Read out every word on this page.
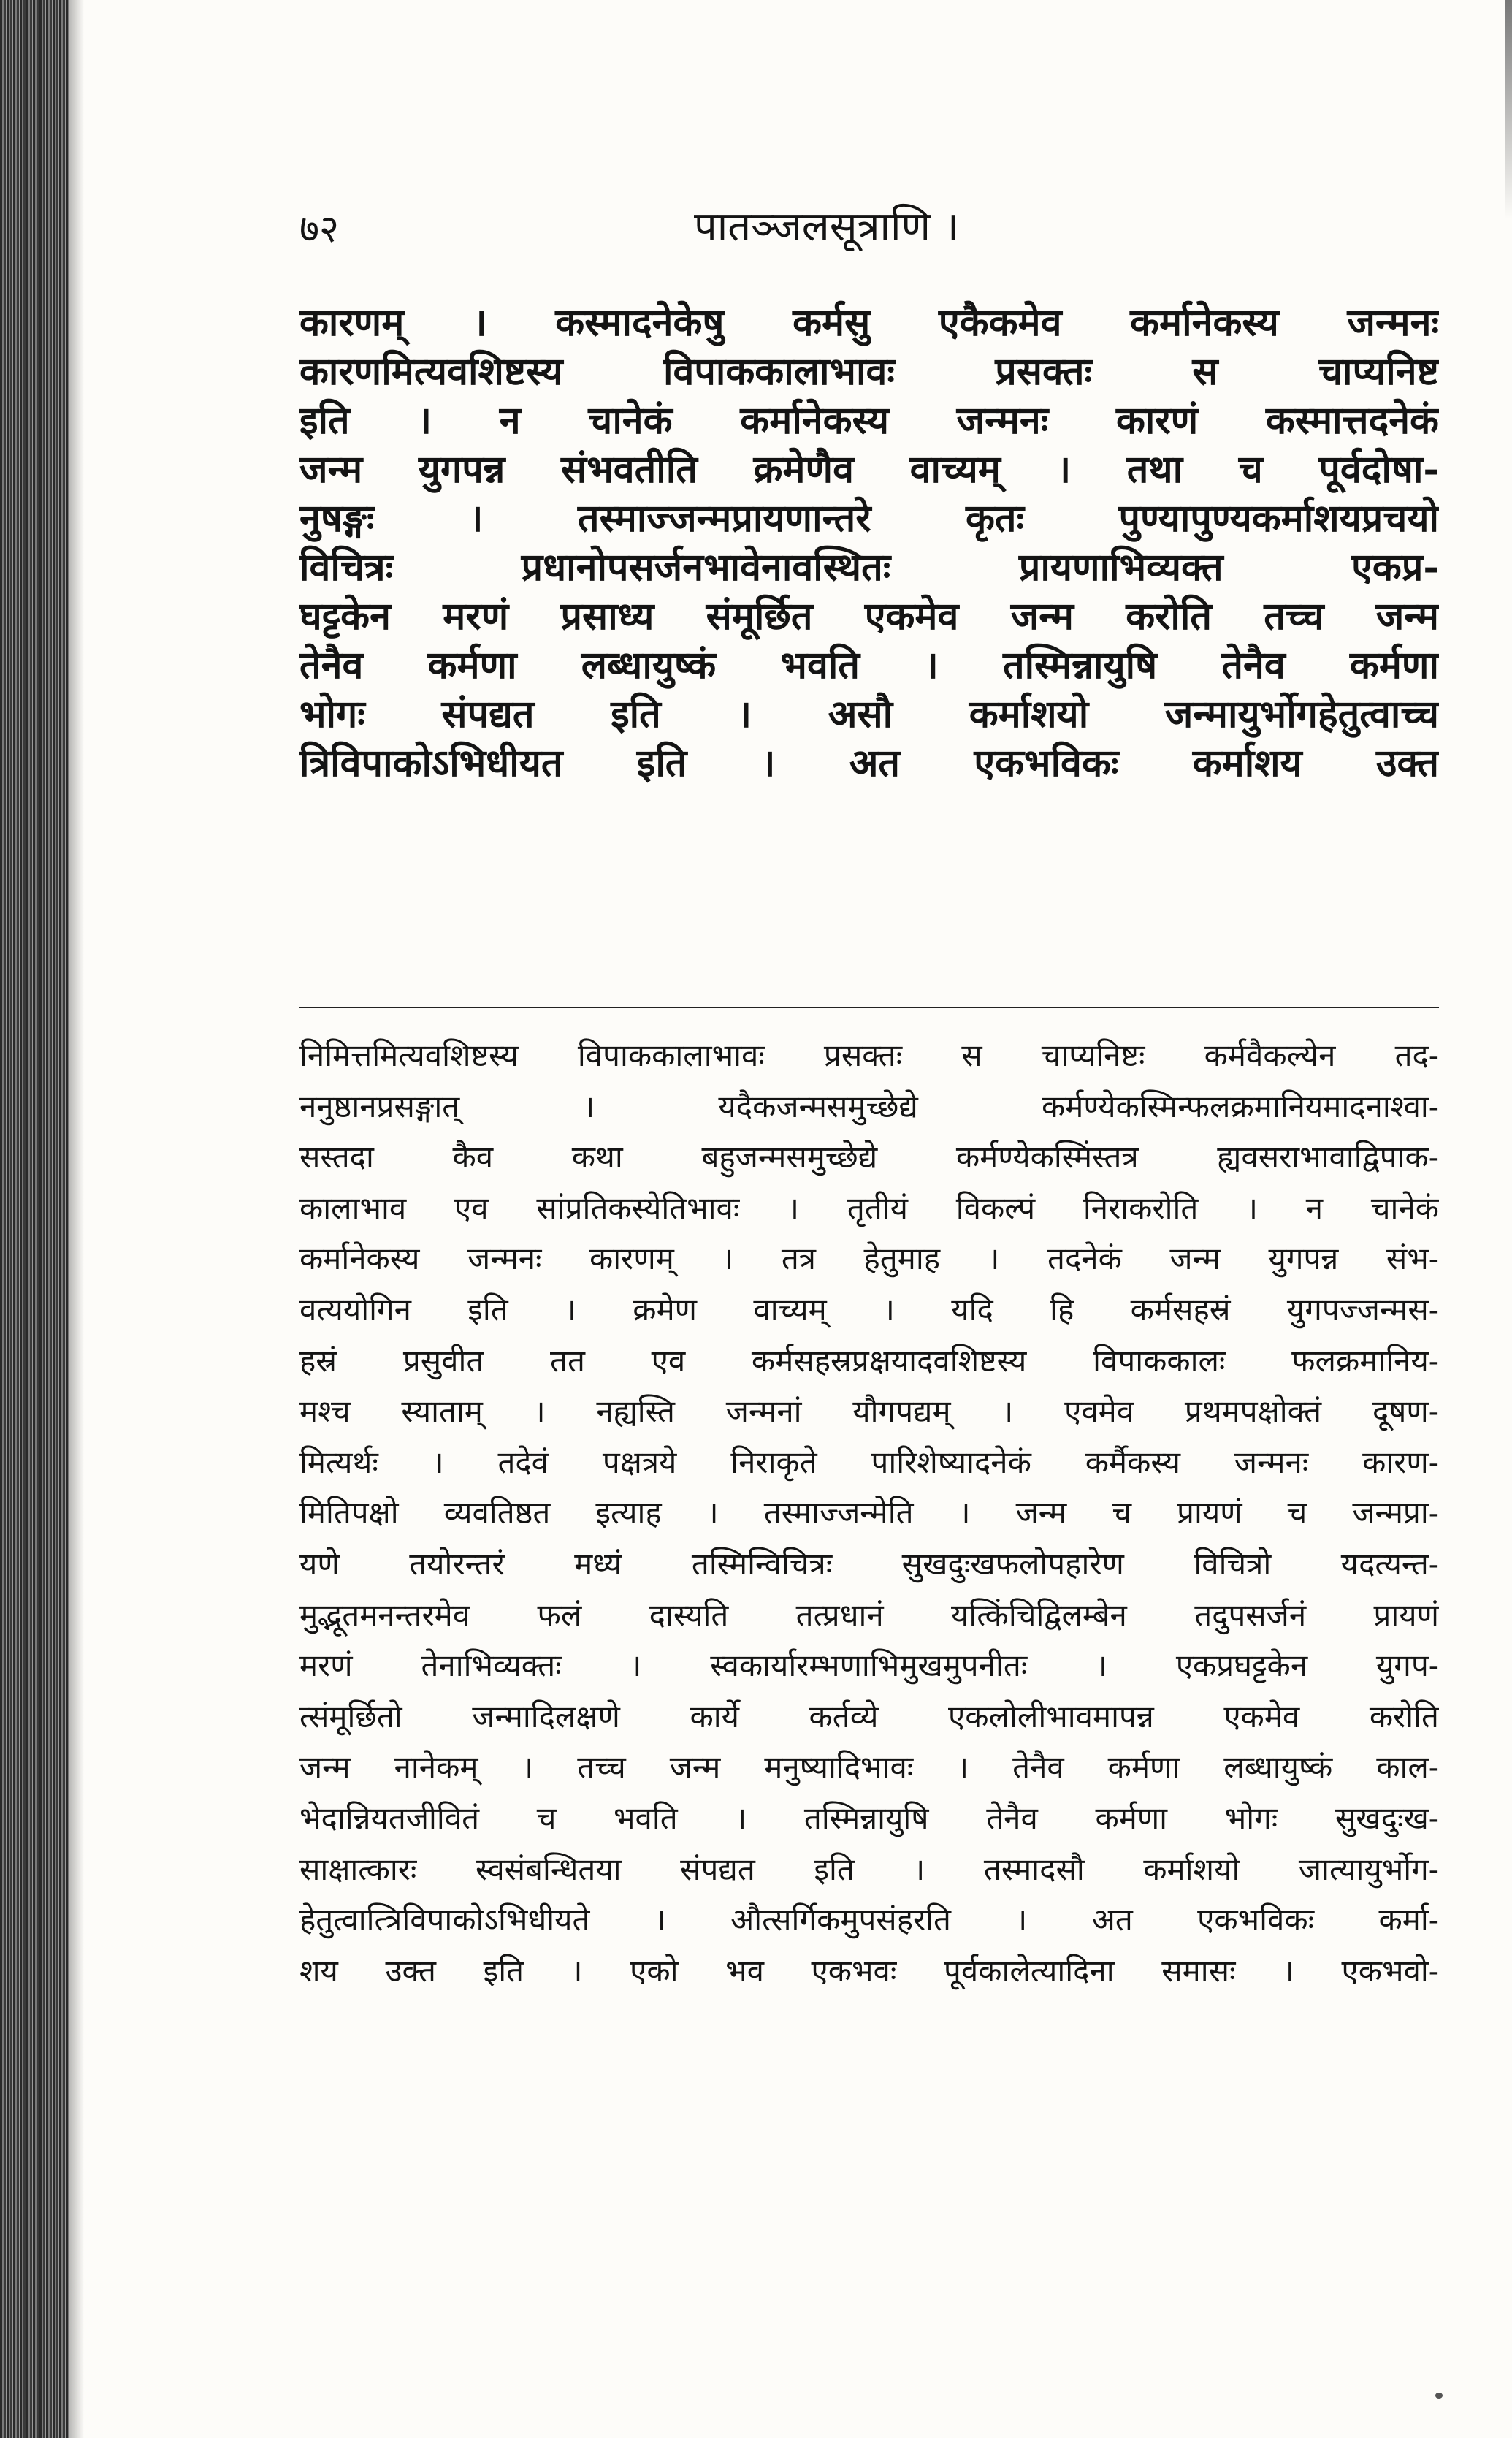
७२	पातञ्जलसूत्राणि ।
कारणम् । कस्मादनेकेषु कर्मसु एकैकमेव कर्मानेकस्य जन्मनः
कारणमित्यवशिष्टस्य विपाककालाभावः प्रसक्तः स चाप्यनिष्ट
इति । न चानेकं कर्मानेकस्य जन्मनः कारणं कस्मात्तदनेकं
जन्म युगपन्न संभवतीति क्रमेणैव वाच्यम् । तथा च पूर्वदोषा-
नुषङ्गः । तस्माज्जन्मप्रायणान्तरे कृतः पुण्यापुण्यकर्माशयप्रचयो
विचित्रः प्रधानोपसर्जनभावेनावस्थितः प्रायणाभिव्यक्त एकप्र-
घट्टकेन मरणं प्रसाध्य संमूर्छित एकमेव जन्म करोति तच्च जन्म
तेनैव कर्मणा लब्धायुष्कं भवति । तस्मिन्नायुषि तेनैव कर्मणा
भोगः संपद्यत इति । असौ कर्माशयो जन्मायुर्भोगहेतुत्वाच्च
त्रिविपाकोऽभिधीयत इति । अत एकभविकः कर्माशय उक्त
निमित्तमित्यवशिष्टस्य विपाककालाभावः प्रसक्तः स चाप्यनिष्टः कर्मवैकल्येन तद-
ननुष्ठानप्रसङ्गात् । यदैकजन्मसमुच्छेद्ये कर्मण्येकस्मिन्फलक्रमानियमादनाश्वा-
सस्तदा कैव कथा बहुजन्मसमुच्छेद्ये कर्मण्येकस्मिंस्तत्र ह्यवसराभावाद्विपाक-
कालाभाव एव सांप्रतिकस्येतिभावः । तृतीयं विकल्पं निराकरोति । न चानेकं
कर्मानेकस्य जन्मनः कारणम् । तत्र हेतुमाह । तदनेकं जन्म युगपन्न संभ-
वत्ययोगिन इति । क्रमेण वाच्यम् । यदि हि कर्मसहस्रं युगपज्जन्मस-
हस्रं प्रसुवीत तत एव कर्मसहस्रप्रक्षयादवशिष्टस्य विपाककालः फलक्रमानिय-
मश्च स्याताम् । नह्यस्ति जन्मनां यौगपद्यम् । एवमेव प्रथमपक्षोक्तं दूषण-
मित्यर्थः । तदेवं पक्षत्रये निराकृते पारिशेष्यादनेकं कर्मैकस्य जन्मनः कारण-
मितिपक्षो व्यवतिष्ठत इत्याह । तस्माज्जन्मेति । जन्म च प्रायणं च जन्मप्रा-
यणे तयोरन्तरं मध्यं तस्मिन्विचित्रः सुखदुःखफलोपहारेण विचित्रो यदत्यन्त-
मुद्भूतमनन्तरमेव फलं दास्यति तत्प्रधानं यत्किंचिद्विलम्बेन तदुपसर्जनं प्रायणं
मरणं तेनाभिव्यक्तः । स्वकार्यारम्भणाभिमुखमुपनीतः । एकप्रघट्टकेन युगप-
त्संमूर्छितो जन्मादिलक्षणे कार्ये कर्तव्ये एकलोलीभावमापन्न एकमेव करोति
जन्म नानेकम् । तच्च जन्म मनुष्यादिभावः । तेनैव कर्मणा लब्धायुष्कं काल-
भेदान्नियतजीवितं च भवति । तस्मिन्नायुषि तेनैव कर्मणा भोगः सुखदुःख-
साक्षात्कारः स्वसंबन्धितया संपद्यत इति । तस्मादसौ कर्माशयो जात्यायुर्भोग-
हेतुत्वात्त्रिविपाकोऽभिधीयते । औत्सर्गिकमुपसंहरति । अत एकभविकः कर्मा-
शय उक्त इति । एको भव एकभवः पूर्वकालेत्यादिना समासः । एकभवो-
